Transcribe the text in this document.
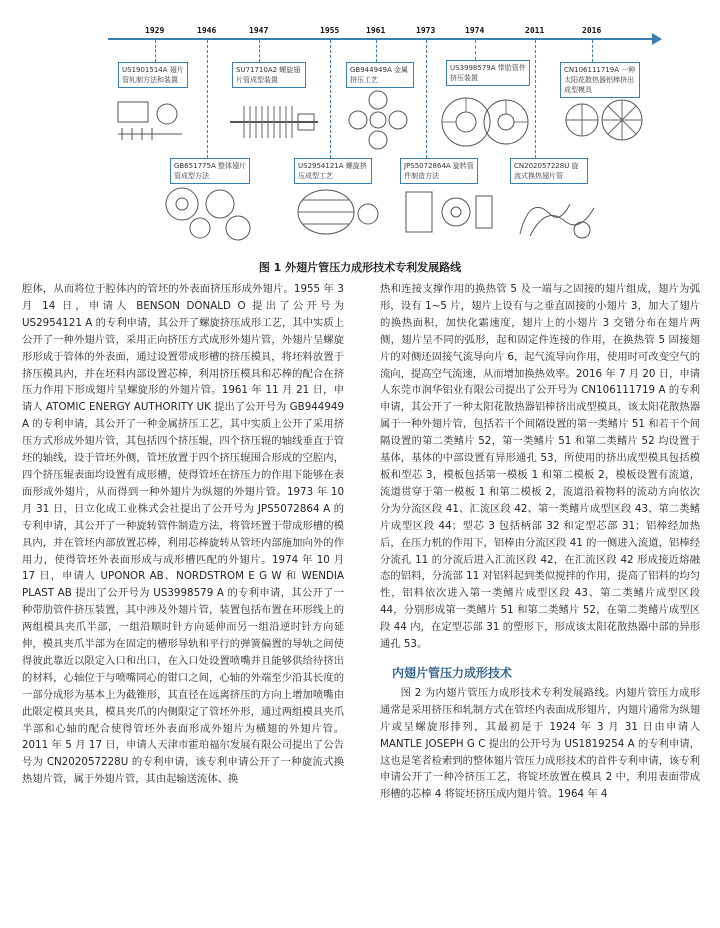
1929	1946	1947	1955	1961	1973	1974	2011	2016
US1901514A 翅片管轧制方法和装置
SU71710A2 螺旋翅片管成型装置
GB944949A 金属挤压工艺
US3998579A 带肋管件挤压装置
CN106111719A 一种太阳花散热器铝棒挤出成型模具
GB651775A 整体翅片管成型方法
US2954121A 螺旋挤压成型工艺
JPS5072864A 旋转管件制造方法
CN202057228U 旋流式换热翅片管
图 1 外翅片管压力成形技术专利发展路线

腔体，从而将位于腔体内的管坯的外表面挤压形成外翅片。1955 年 3 月 14 日，申请人 BENSON DONALD O 提出了公开号为 US2954121 A 的专利申请，其公开了螺旋挤压成形工艺，其中实质上公开了一种外翅片管，采用正向挤压方式成形外翅片管，外翅片呈螺旋形形成于管体的外表面，通过设置带成形槽的挤压模具，将坯料放置于挤压模具内，并在坯料内部设置芯棒，利用挤压模具和芯棒的配合在挤压力作用下形成翅片呈螺旋形的外翅片管。1961 年 11 月 21 日，申请人 ATOMIC ENERGY AUTHORITY UK 提出了公开号为 GB944949 A 的专利申请，其公开了一种金属挤压工艺，其中实质上公开了采用挤压方式形成外翅片管，其包括四个挤压辊，四个挤压辊的轴线垂直于管坯的轴线，设于管坯外侧，管坯放置于四个挤压辊围合形成的空腔内，四个挤压辊表面均设置有成形槽，使得管坯在挤压力的作用下能够在表面形成外翅片，从而得到一种外翅片为纵翅的外翅片管。1973 年 10 月 31 日，日立化成工业株式会社提出了公开号为 JPS5072864 A 的专利申请，其公开了一种旋转管件制造方法，将管坯置于带成形槽的模具内，并在管坯内部放置芯棒，利用芯棒旋转从管坯内部施加向外的作用力，使得管坯外表面形成与成形槽匹配的外翅片。1974 年 10 月 17 日，申请人 UPONOR AB、NORDSTROM E G W 和 WENDIA PLAST AB 提出了公开号为 US3998579 A 的专利申请，其公开了一种带肋管件挤压装置，其中涉及外翅片管，装置包括布置在环形线上的两组模具夹爪半部，一组沿顺时针方向延伸而另一组沿逆时针方向延伸，模具夹爪半部为在固定的槽形导轨和平行的弹簧偏置的导轨之间使得彼此靠近以限定入口和出口，在入口处设置喷嘴并且能够供给待挤出的材料，心轴位于与喷嘴同心的钳口之间，心轴的外端至少沿其长度的一部分成形为基本上为截锥形，其直径在远离挤压的方向上增加喷嘴由此限定模具夹具，模具夹爪的内侧限定了管坯外形，通过两组模具夹爪半部和心轴的配合使得管坯外表面形成外翅片为横翅的外翅片管。2011 年 5 月 17 日，申请人天津市霍珀福尔发展有限公司提出了公告号为 CN202057228U 的专利申请，该专利申请公开了一种旋流式换热翅片管，属于外翅片管，其由起输送流体、换

热和连接支撑作用的换热管 5 及一端与之固接的翅片组成，翅片为弧形，设有 1~5 片，翅片上设有与之垂直固接的小翅片 3，加大了翅片的换热面积，加快化霜速度，翅片上的小翅片 3 交错分布在翅片两侧，翅片呈不同的弧形，起和固定件连接的作用，在换热管 5 固接翅片的对侧还固接气流导向片 6，起气流导向作用，使用时可改变空气的流向，提高空气流速，从而增加换热效率。2016 年 7 月 20 日，申请人东莞市润华铝业有限公司提出了公开号为 CN106111719 A 的专利申请，其公开了一种太阳花散热器铝棒挤出成型模具，该太阳花散热器属于一种外翅片管，包括若干个间隔设置的第一类鳍片 51 和若干个间隔设置的第二类鳍片 52，第一类鳍片 51 和第二类鳍片 52 均设置于基体，基体的中部设置有异形通孔 53，所使用的挤出成型模具包括模板和型芯 3，模板包括第一模板 1 和第二模板 2，模板设置有流道，流道贯穿于第一模板 1 和第二模板 2，流道沿着物料的流动方向依次分为分流区段 41、汇流区段 42、第一类鳍片成型区段 43、第二类鳍片成型区段 44；型芯 3 包括柄部 32 和定型芯部 31；铝棒经加热后，在压力机的作用下，铝棒由分流区段 41 的一侧进入流道，铝棒经分流孔 11 的分流后进入汇流区段 42，在汇流区段 42 形成接近熔融态的铝料，分流部 11 对铝料起到类似搅拌的作用，提高了铝料的均匀性，铝料依次进入第一类鳍片成型区段 43、第二类鳍片成型区段 44，分别形成第一类鳍片 51 和第二类鳍片 52，在第二类鳍片成型区段 44 内，在定型芯部 31 的塑形下，形成该太阳花散热器中部的异形通孔 53。

内翅片管压力成形技术

图 2 为内翅片管压力成形技术专利发展路线。内翅片管压力成形通常是采用挤压和轧制方式在管坯内表面成形翅片，内翅片通常为纵翅片或呈螺旋形排列，其最初是于 1924 年 3 月 31 日由申请人 MANTLE JOSEPH G C 提出的公开号为 US1819254 A 的专利申请，这也是笔者检索到的整体翅片管压力成形技术的首件专利申请，该专利申请公开了一种冷挤压工艺，将锭坯放置在模具 2 中，利用表面带成形槽的芯棒 4 将锭坯挤压成内翅片管。1964 年 4
